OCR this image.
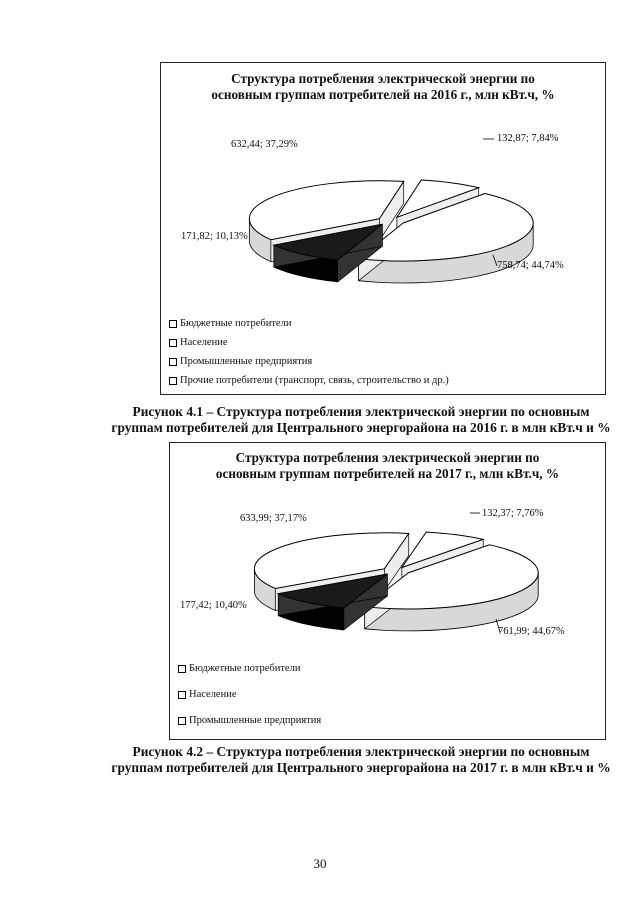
Структура потребления электрической энергии по
основным группам потребителей на 2016 г., млн кВт.ч, %
132,87; 7,84%
758,74; 44,74%
171,82; 10,13%
632,44; 37,29%
Бюджетные потребители
Население
Промышленные предприятия
Прочие потребители (транспорт, связь, строительство и др.)
Рисунок 4.1 – Структура потребления электрической энергии по основным
группам потребителей для Центрального энергорайона на 2016 г. в млн кВт.ч и %
Структура потребления электрической энергии по
основным группам потребителей на 2017 г., млн кВт.ч, %
132,37; 7,76%
761,99; 44,67%
177,42; 10,40%
633,99; 37,17%
Бюджетные потребители
Население
Промышленные предприятия
Рисунок 4.2 – Структура потребления электрической энергии по основным
группам потребителей для Центрального энергорайона на 2017 г. в млн кВт.ч и %
30
